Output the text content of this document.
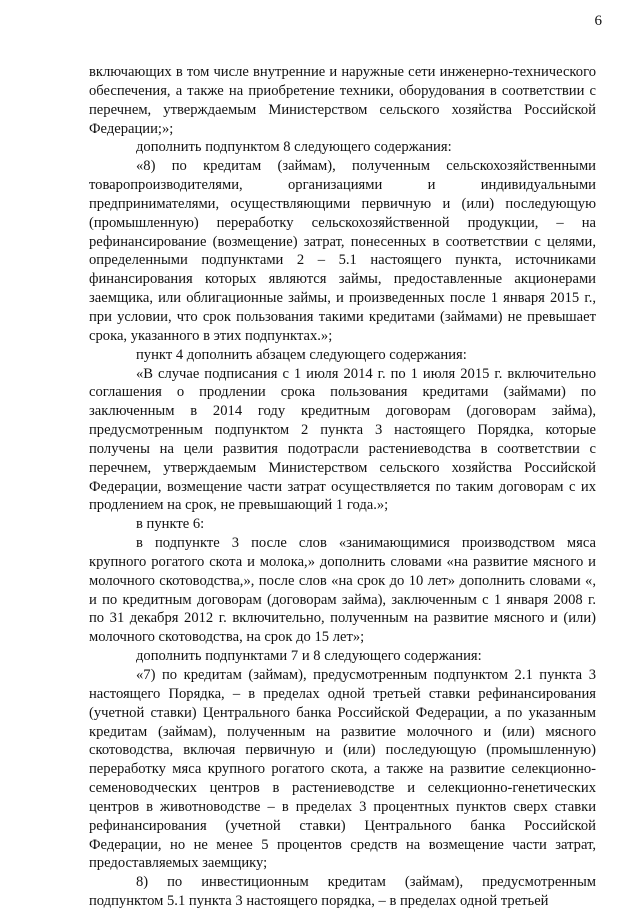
6

включающих в том числе внутренние и наружные сети инженерно-технического обеспечения, а также на приобретение техники, оборудования в соответствии с перечнем, утверждаемым Министерством сельского хозяйства Российской Федерации;»;

дополнить подпунктом 8 следующего содержания:

«8) по кредитам (займам), полученным сельскохозяйственными товаропроизводителями, организациями и индивидуальными предпринимателями, осуществляющими первичную и (или) последующую (промышленную) переработку сельскохозяйственной продукции, – на рефинансирование (возмещение) затрат, понесенных в соответствии с целями, определенными подпунктами 2 – 5.1 настоящего пункта, источниками финансирования которых являются займы, предоставленные акционерами заемщика, или облигационные займы, и произведенных после 1 января 2015 г., при условии, что срок пользования такими кредитами (займами) не превышает срока, указанного в этих подпунктах.»;

пункт 4 дополнить абзацем следующего содержания:

«В случае подписания с 1 июля 2014 г. по 1 июля 2015 г. включительно соглашения о продлении срока пользования кредитами (займами) по заключенным в 2014 году кредитным договорам (договорам займа), предусмотренным подпунктом 2 пункта 3 настоящего Порядка, которые получены на цели развития подотрасли растениеводства в соответствии с перечнем, утверждаемым Министерством сельского хозяйства Российской Федерации, возмещение части затрат осуществляется по таким договорам с их продлением на срок, не превышающий 1 года.»;

в пункте 6:

в подпункте 3 после слов «занимающимися производством мяса крупного рогатого скота и молока,» дополнить словами «на развитие мясного и молочного скотоводства,», после слов «на срок до 10 лет» дополнить словами «, и по кредитным договорам (договорам займа), заключенным с 1 января 2008 г. по 31 декабря 2012 г. включительно, полученным на развитие мясного и (или) молочного скотоводства, на срок до 15 лет»;

дополнить подпунктами 7 и 8 следующего содержания:

«7) по кредитам (займам), предусмотренным подпунктом 2.1 пункта 3 настоящего Порядка, – в пределах одной третьей ставки рефинансирования (учетной ставки) Центрального банка Российской Федерации, а по указанным кредитам (займам), полученным на развитие молочного и (или) мясного скотоводства, включая первичную и (или) последующую (промышленную) переработку мяса крупного рогатого скота, а также на развитие селекционно-семеноводческих центров в растениеводстве и селекционно-генетических центров в животноводстве – в пределах 3 процентных пунктов сверх ставки рефинансирования (учетной ставки) Центрального банка Российской Федерации, но не менее 5 процентов средств на возмещение части затрат, предоставляемых заемщику;

8) по инвестиционным кредитам (займам), предусмотренным подпунктом 5.1 пункта 3 настоящего порядка, – в пределах одной третьей
